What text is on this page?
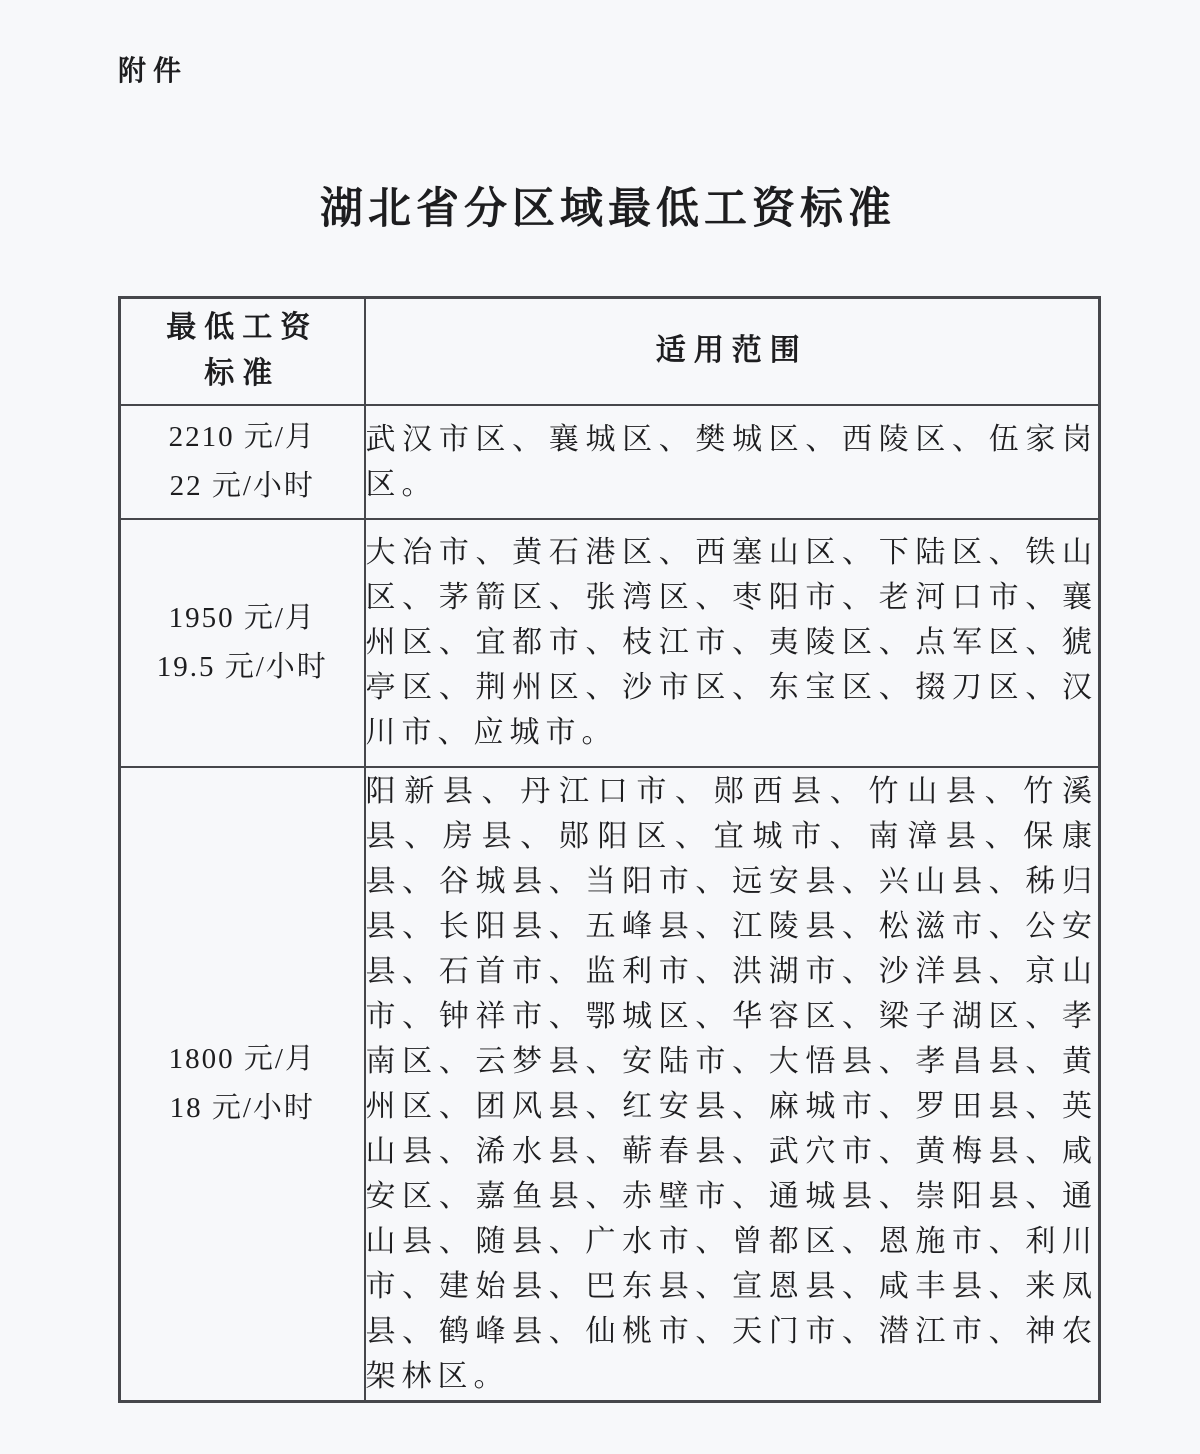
附件
湖北省分区域最低工资标准
最低工资
标准	适用范围

2210 元/月
22 元/小时	武汉市区、襄城区、樊城区、西陵区、伍家岗区。

1950 元/月
19.5 元/小时	大冶市、黄石港区、西塞山区、下陆区、铁山区、茅箭区、张湾区、枣阳市、老河口市、襄州区、宜都市、枝江市、夷陵区、点军区、猇亭区、荆州区、沙市区、东宝区、掇刀区、汉川市、应城市。

1800 元/月
18 元/小时	阳新县、丹江口市、郧西县、竹山县、竹溪县、房县、郧阳区、宜城市、南漳县、保康县、谷城县、当阳市、远安县、兴山县、秭归县、长阳县、五峰县、江陵县、松滋市、公安县、石首市、监利市、洪湖市、沙洋县、京山市、钟祥市、鄂城区、华容区、梁子湖区、孝南区、云梦县、安陆市、大悟县、孝昌县、黄州区、团风县、红安县、麻城市、罗田县、英山县、浠水县、蕲春县、武穴市、黄梅县、咸安区、嘉鱼县、赤壁市、通城县、崇阳县、通山县、随县、广水市、曾都区、恩施市、利川市、建始县、巴东县、宣恩县、咸丰县、来凤县、鹤峰县、仙桃市、天门市、潜江市、神农架林区。
